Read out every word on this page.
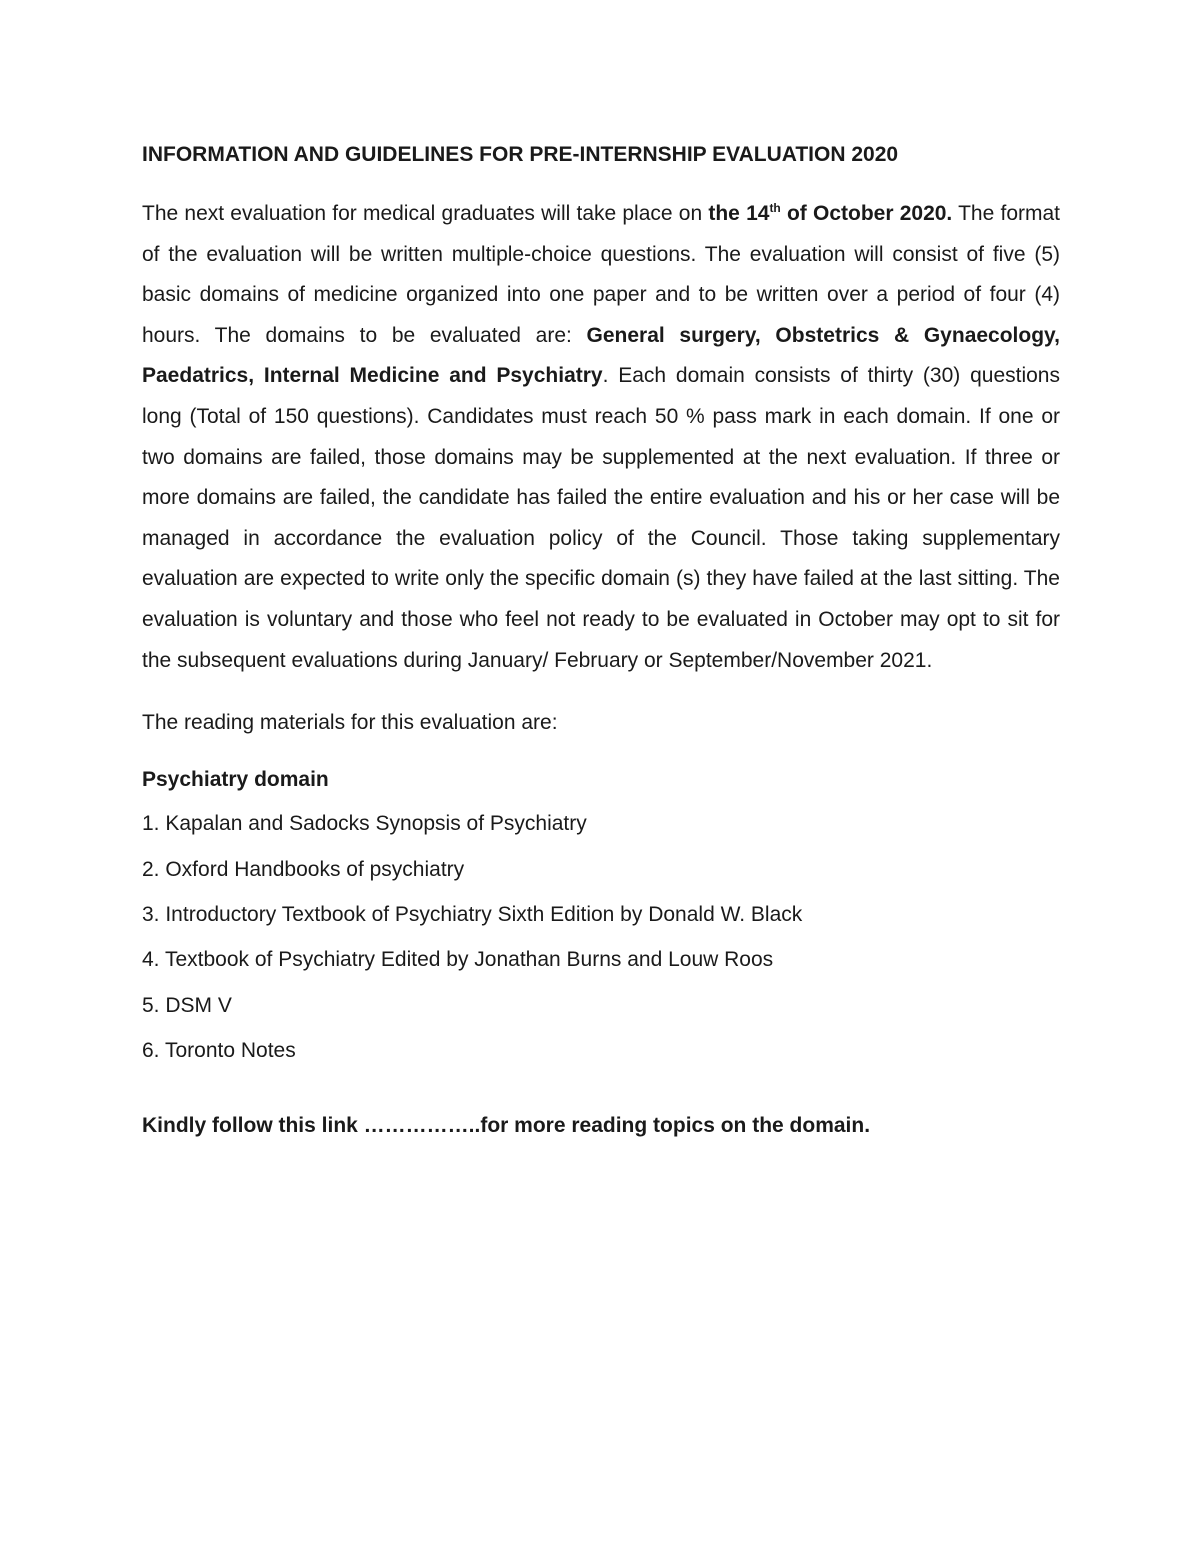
INFORMATION AND GUIDELINES FOR PRE-INTERNSHIP EVALUATION 2020

The next evaluation for medical graduates will take place on the 14th of October 2020. The format of the evaluation will be written multiple-choice questions. The evaluation will consist of five (5) basic domains of medicine organized into one paper and to be written over a period of four (4) hours. The domains to be evaluated are: General surgery, Obstetrics & Gynaecology, Paedatrics, Internal Medicine and Psychiatry. Each domain consists of thirty (30) questions long (Total of 150 questions). Candidates must reach 50 % pass mark in each domain. If one or two domains are failed, those domains may be supplemented at the next evaluation. If three or more domains are failed, the candidate has failed the entire evaluation and his or her case will be managed in accordance the evaluation policy of the Council. Those taking supplementary evaluation are expected to write only the specific domain (s) they have failed at the last sitting. The evaluation is voluntary and those who feel not ready to be evaluated in October may opt to sit for the subsequent evaluations during January/ February or September/November 2021.

The reading materials for this evaluation are:
Psychiatry domain
1. Kapalan and Sadocks Synopsis of Psychiatry
2. Oxford Handbooks of psychiatry
3. Introductory Textbook of Psychiatry Sixth Edition by Donald W. Black
4. Textbook of Psychiatry Edited by Jonathan Burns and Louw Roos
5. DSM V
6. Toronto Notes
Kindly follow this link ……………..for more reading topics on the domain.
